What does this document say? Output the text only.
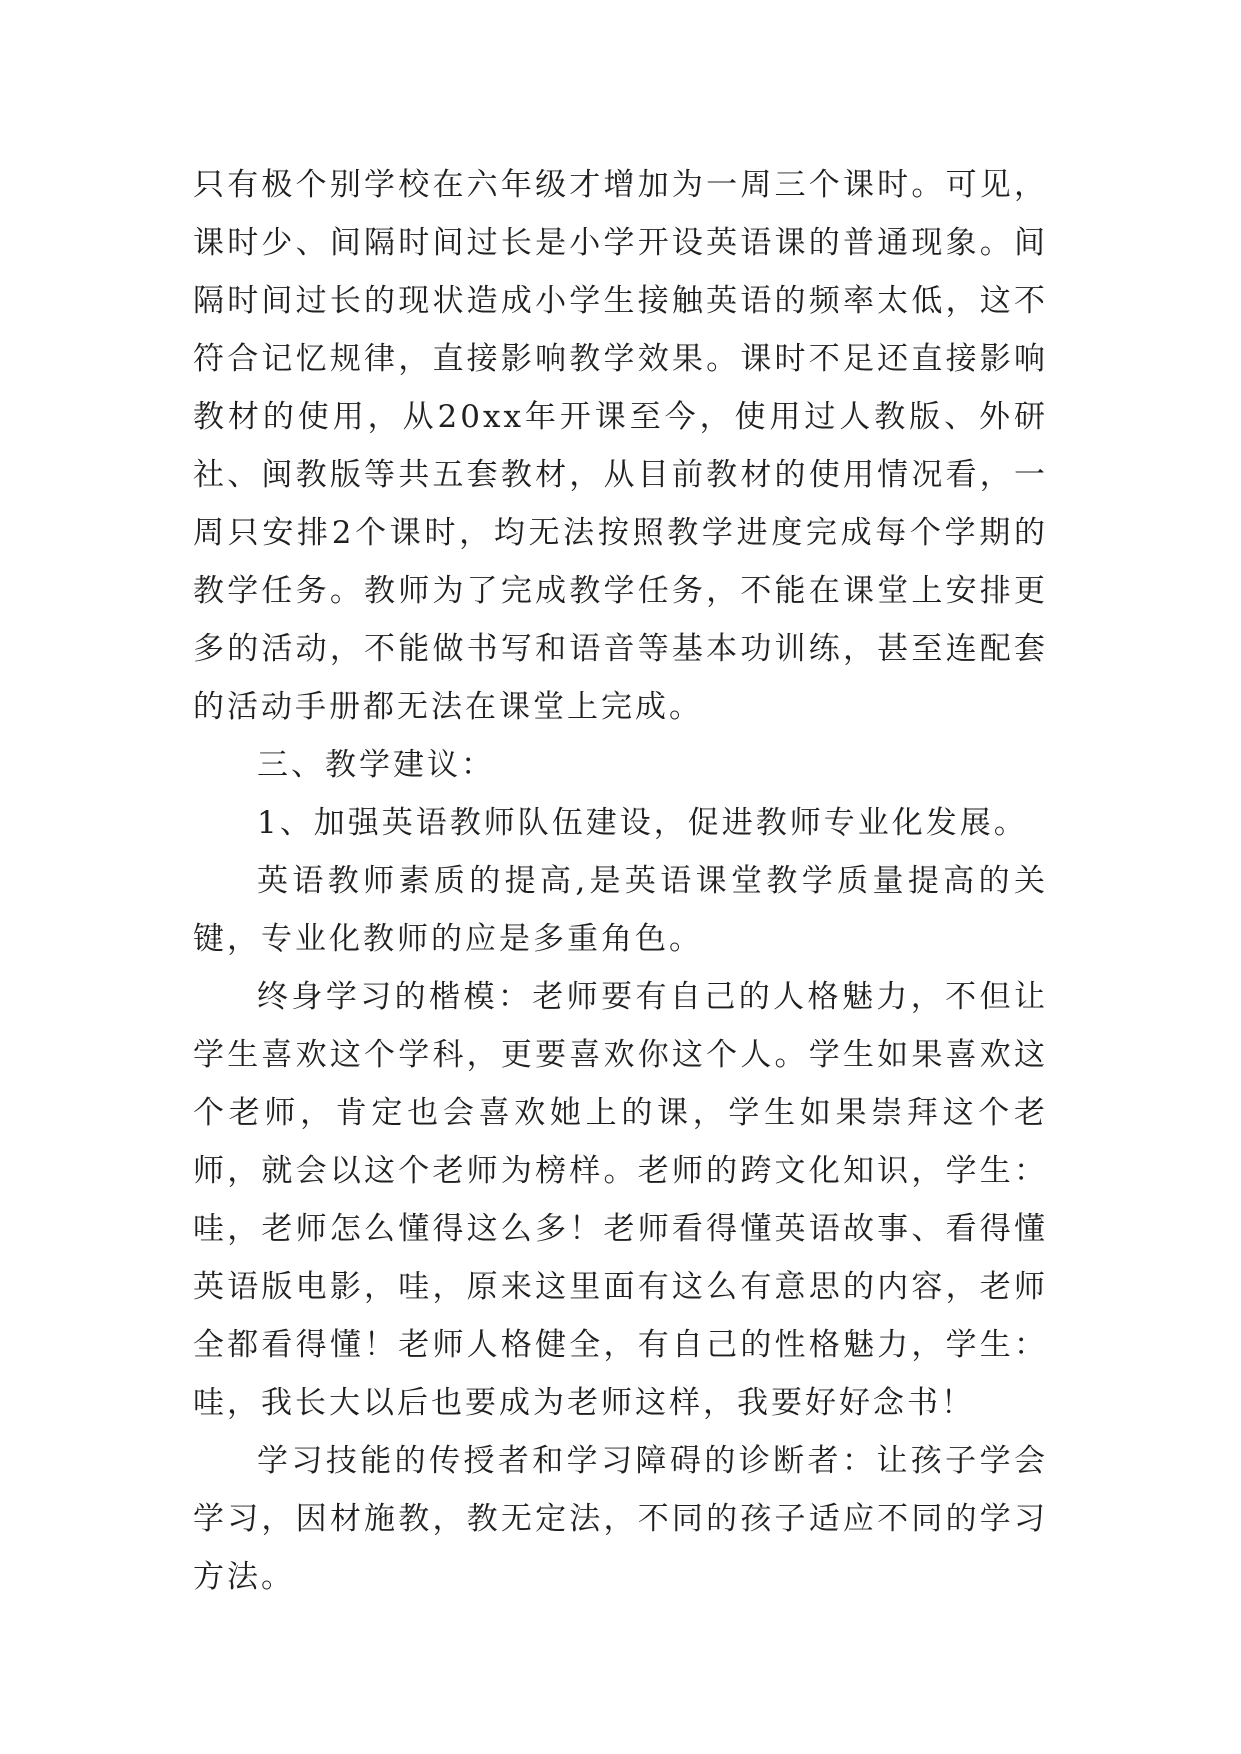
只有极个别学校在六年级才增加为一周三个课时。可见，课时少、间隔时间过长是小学开设英语课的普通现象。间隔时间过长的现状造成小学生接触英语的频率太低，这不符合记忆规律，直接影响教学效果。课时不足还直接影响教材的使用，从20xx年开课至今，使用过人教版、外研社、闽教版等共五套教材，从目前教材的使用情况看，一周只安排2个课时，均无法按照教学进度完成每个学期的教学任务。教师为了完成教学任务，不能在课堂上安排更多的活动，不能做书写和语音等基本功训练，甚至连配套的活动手册都无法在课堂上完成。

三、教学建议：

1、加强英语教师队伍建设，促进教师专业化发展。

英语教师素质的提高,是英语课堂教学质量提高的关键，专业化教师的应是多重角色。

终身学习的楷模：老师要有自己的人格魅力，不但让学生喜欢这个学科，更要喜欢你这个人。学生如果喜欢这个老师，肯定也会喜欢她上的课，学生如果崇拜这个老师，就会以这个老师为榜样。老师的跨文化知识，学生：哇，老师怎么懂得这么多！老师看得懂英语故事、看得懂英语版电影，哇，原来这里面有这么有意思的内容，老师全都看得懂！老师人格健全，有自己的性格魅力，学生：哇，我长大以后也要成为老师这样，我要好好念书！

学习技能的传授者和学习障碍的诊断者：让孩子学会学习，因材施教，教无定法，不同的孩子适应不同的学习方法。
